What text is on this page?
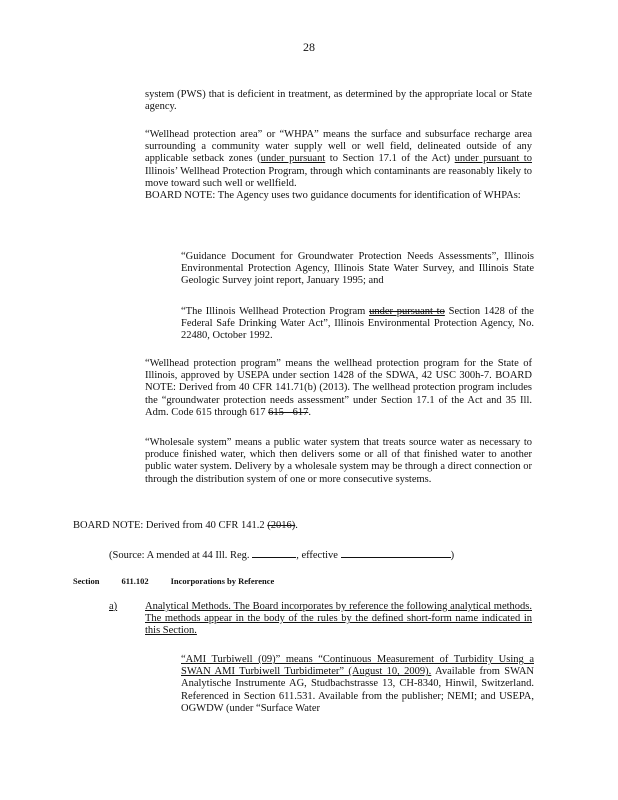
28

system (PWS) that is deficient in treatment, as determined by the appropriate local or State agency.

“Wellhead protection area” or “WHPA” means the surface and subsurface recharge area surrounding a community water supply well or well field, delineated outside of any applicable setback zones (under pursuant to Section 17.1 of the Act) under pursuant to Illinois’ Wellhead Protection Program, through which contaminants are reasonably likely to move toward such well or wellfield.

BOARD NOTE: The Agency uses two guidance documents for identification of WHPAs:

“Guidance Document for Groundwater Protection Needs Assessments”, Illinois Environmental Protection Agency, Illinois State Water Survey, and Illinois State Geologic Survey joint report, January 1995; and

“The Illinois Wellhead Protection Program under pursuant to Section 1428 of the Federal Safe Drinking Water Act”, Illinois Environmental Protection Agency, No. 22480, October 1992.

“Wellhead protection program” means the wellhead protection program for the State of Illinois, approved by USEPA under section 1428 of the SDWA, 42 USC 300h-7. BOARD NOTE: Derived from 40 CFR 141.71(b) (2013). The wellhead protection program includes the “groundwater protection needs assessment” under Section 17.1 of the Act and 35 Ill. Adm. Code 615 through 617 615 - 617.

“Wholesale system” means a public water system that treats source water as necessary to produce finished water, which then delivers some or all of that finished water to another public water system. Delivery by a wholesale system may be through a direct connection or through the distribution system of one or more consecutive systems.

BOARD NOTE: Derived from 40 CFR 141.2 (2016).

(Source: A mended at 44 Ill. Reg.	, effective	)

Section	611.102	Incorporations by Reference
a)	Analytical Methods. The Board incorporates by reference the following analytical methods. The methods appear in the body of the rules by the defined short-form name indicated in this Section.

“AMI Turbiwell (09)” means “Continuous Measurement of Turbidity Using a SWAN AMI Turbiwell Turbidimeter” (August 10, 2009). Available from SWAN Analytische Instrumente AG, Studbachstrasse 13, CH-8340, Hinwil, Switzerland. Referenced in Section 611.531. Available from the publisher; NEMI; and USEPA, OGWDW (under “Surface Water
